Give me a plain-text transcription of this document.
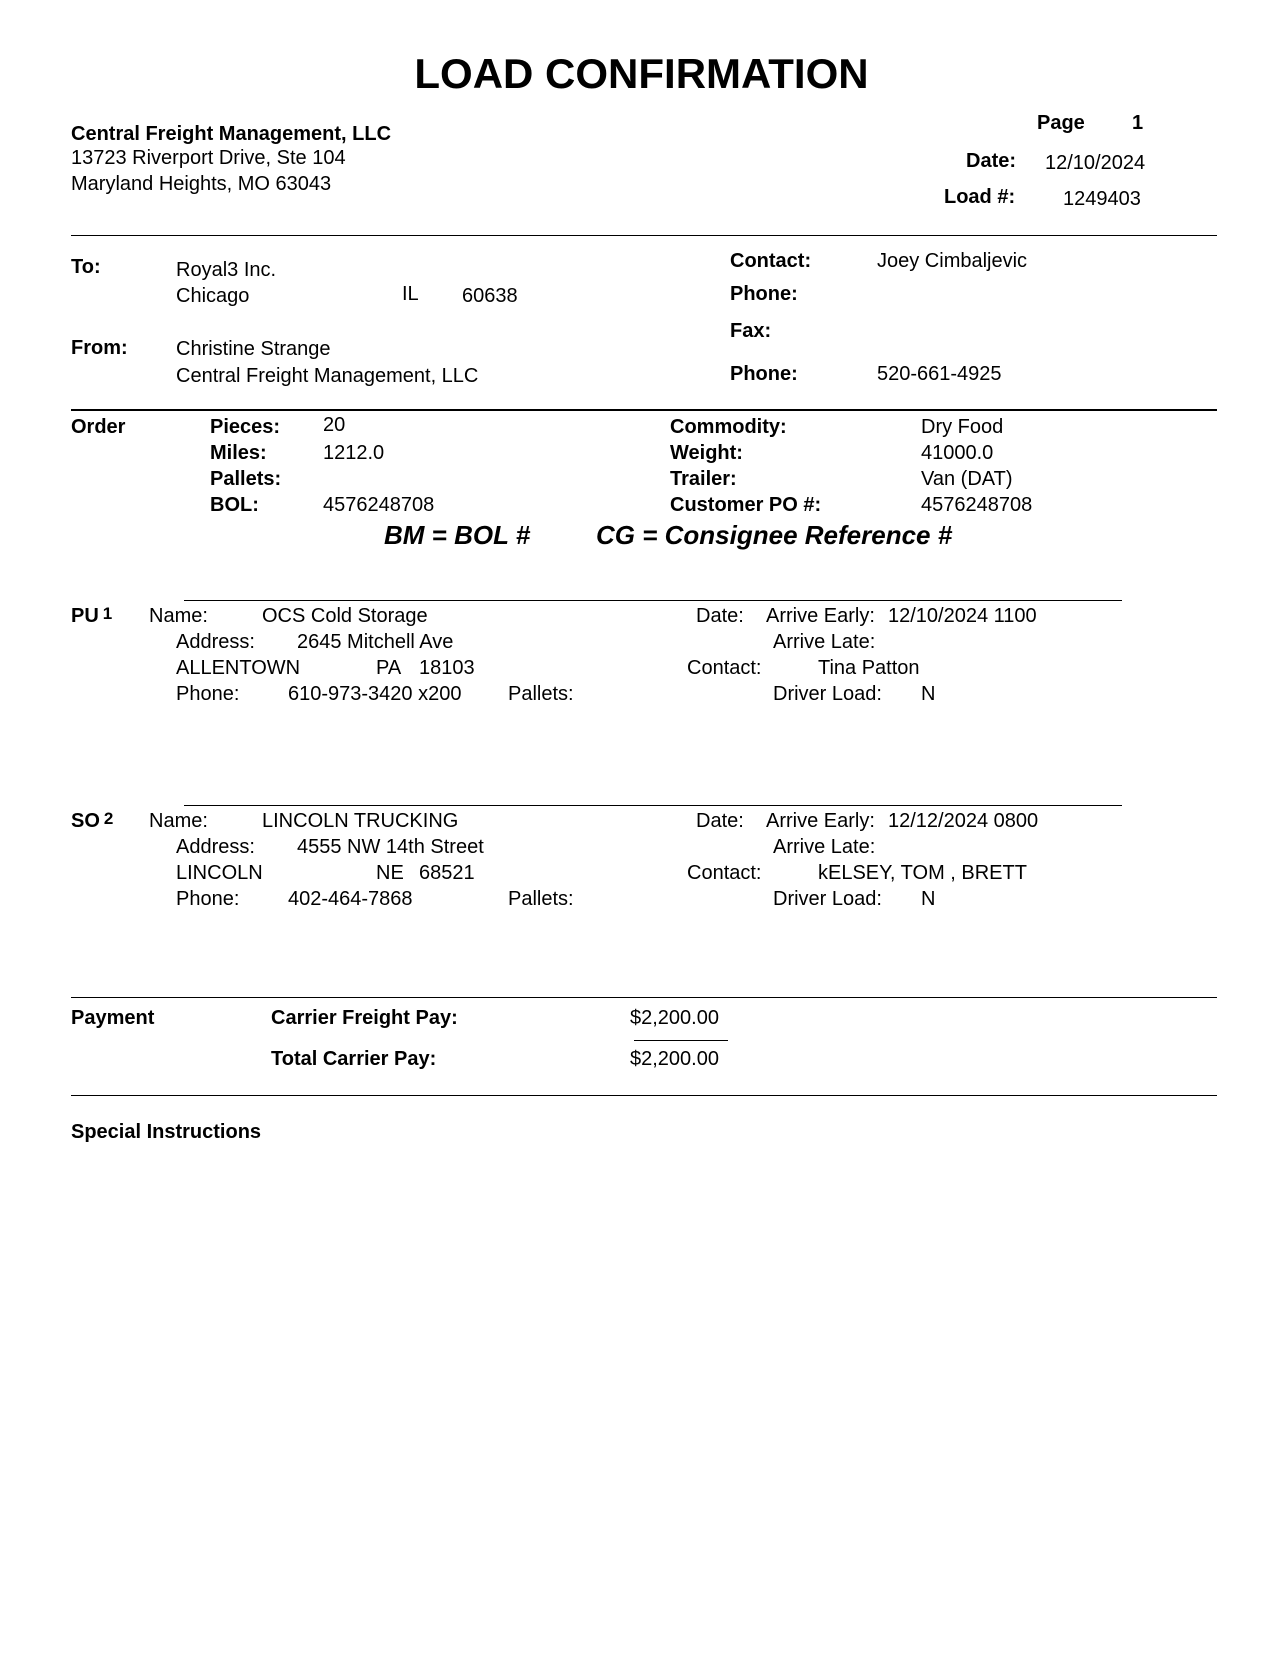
LOAD CONFIRMATION
Central Freight Management, LLC
13723 Riverport Drive, Ste 104
Maryland Heights, MO 63043
Page 1
Date: 12/10/2024
Load #: 1249403
To:	Royal3 Inc.
Chicago	IL 60638
From: Christine Strange
Central Freight Management, LLC
Contact:	Joey Cimbaljevic
Phone:
Fax:
Phone:	520-661-4925
Order	Pieces: 20
Miles:	1212.0
Pallets:
BOL:	4576248708
Commodity:	Dry Food
Weight:	41000.0
Trailer:	Van (DAT)
Customer PO #:	4576248708
BM = BOL #	CG = Consignee Reference #
PU 1 Name:	OCS Cold Storage
Address: 2645 Mitchell Ave
ALLENTOWN	PA 18103
Phone: 610-973-3420 x200 Pallets:
Date: Arrive Early: 12/10/2024 1100
Arrive Late:
Contact:	Tina Patton
Driver Load: N
SO 2 Name:	LINCOLN TRUCKING
Address: 4555 NW 14th Street
LINCOLN	NE 68521
Phone: 402-464-7868	Pallets:
Date: Arrive Early: 12/12/2024 0800
Arrive Late:
Contact:	kELSEY, TOM , BRETT
Driver Load: N
Payment	Carrier Freight Pay:	$2,200.00
Total Carrier Pay:	$2,200.00
Special Instructions
